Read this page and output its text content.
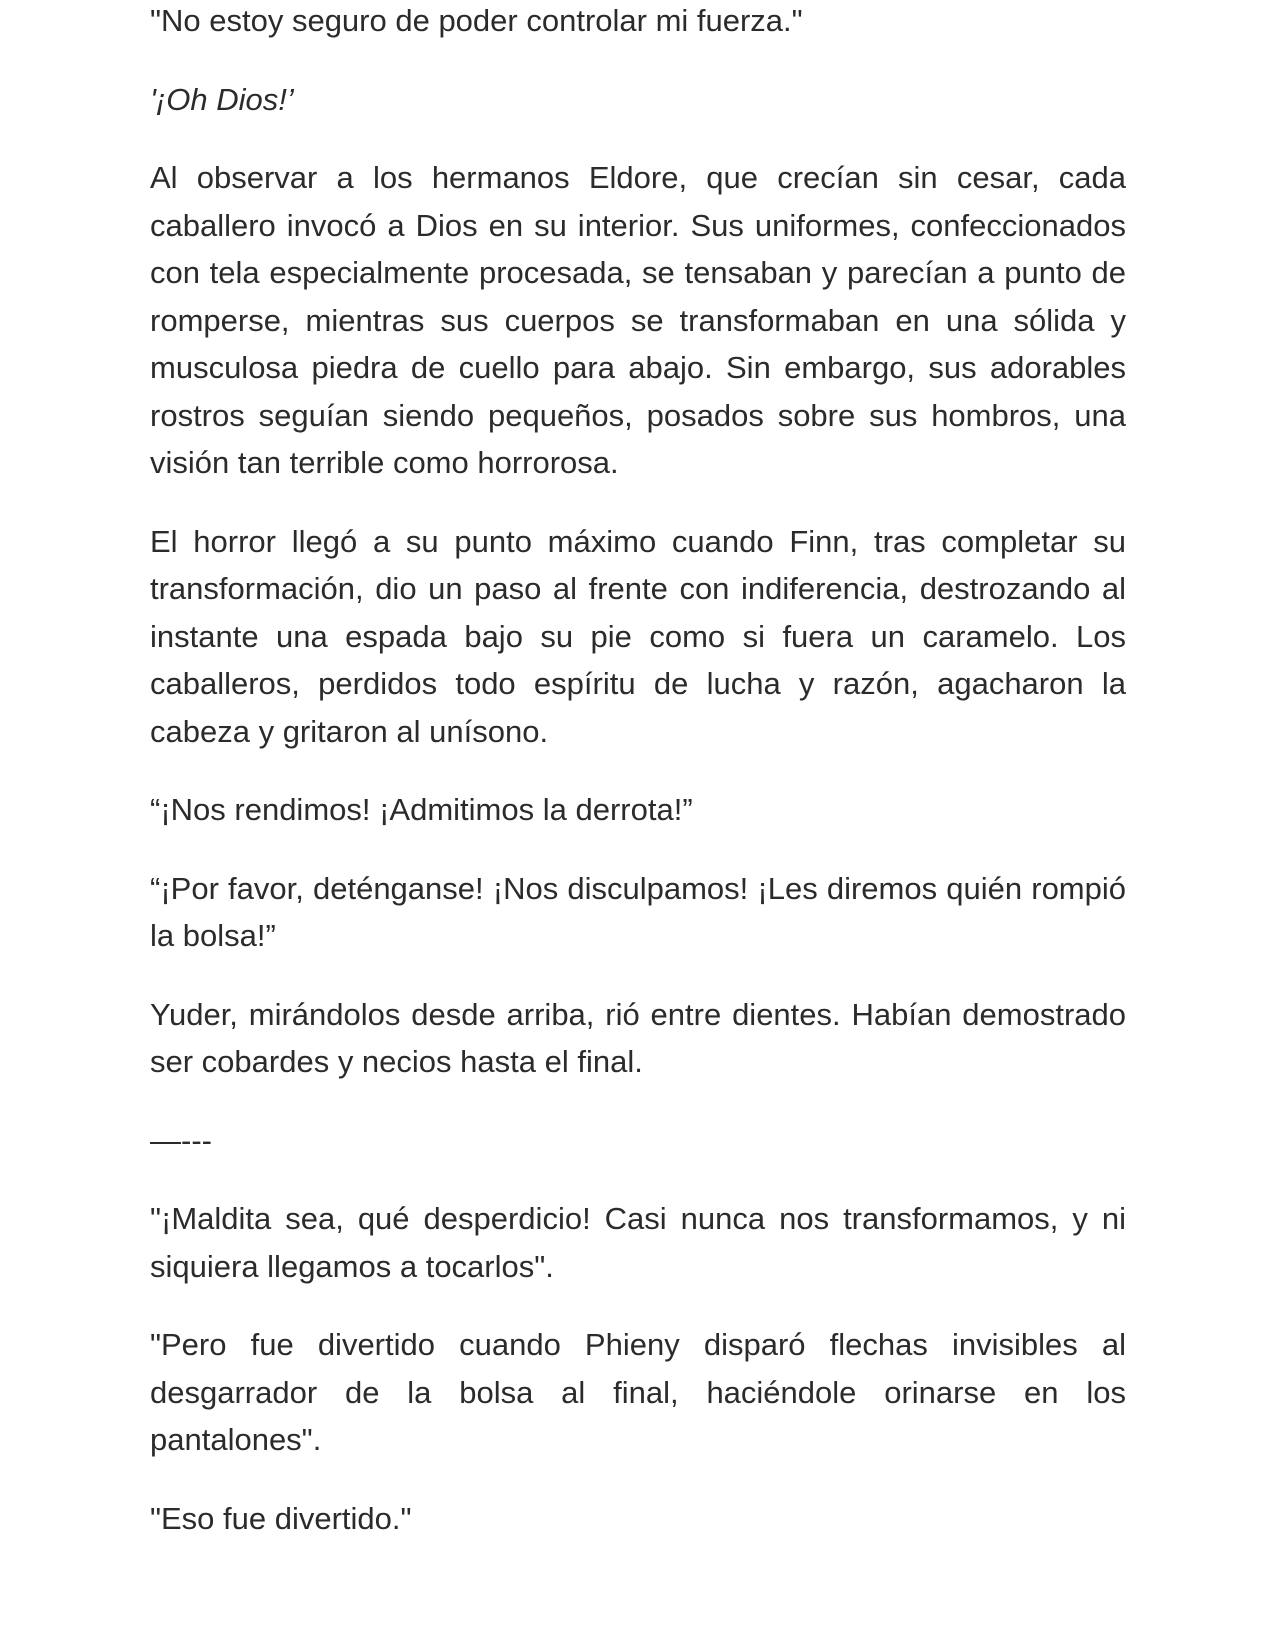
"No estoy seguro de poder controlar mi fuerza."

'¡Oh Dios!’

Al observar a los hermanos Eldore, que crecían sin cesar, cada caballero invocó a Dios en su interior. Sus uniformes, confeccionados con tela especialmente procesada, se tensaban y parecían a punto de romperse, mientras sus cuerpos se transformaban en una sólida y musculosa piedra de cuello para abajo. Sin embargo, sus adorables rostros seguían siendo pequeños, posados sobre sus hombros, una visión tan terrible como horrorosa.

El horror llegó a su punto máximo cuando Finn, tras completar su transformación, dio un paso al frente con indiferencia, destrozando al instante una espada bajo su pie como si fuera un caramelo. Los caballeros, perdidos todo espíritu de lucha y razón, agacharon la cabeza y gritaron al unísono.

“¡Nos rendimos! ¡Admitimos la derrota!”

“¡Por favor, deténganse! ¡Nos disculpamos! ¡Les diremos quién rompió la bolsa!”

Yuder, mirándolos desde arriba, rió entre dientes. Habían demostrado ser cobardes y necios hasta el final.

—---

"¡Maldita sea, qué desperdicio! Casi nunca nos transformamos, y ni siquiera llegamos a tocarlos".

"Pero fue divertido cuando Phieny disparó flechas invisibles al desgarrador de la bolsa al final, haciéndole orinarse en los pantalones".

"Eso fue divertido."
